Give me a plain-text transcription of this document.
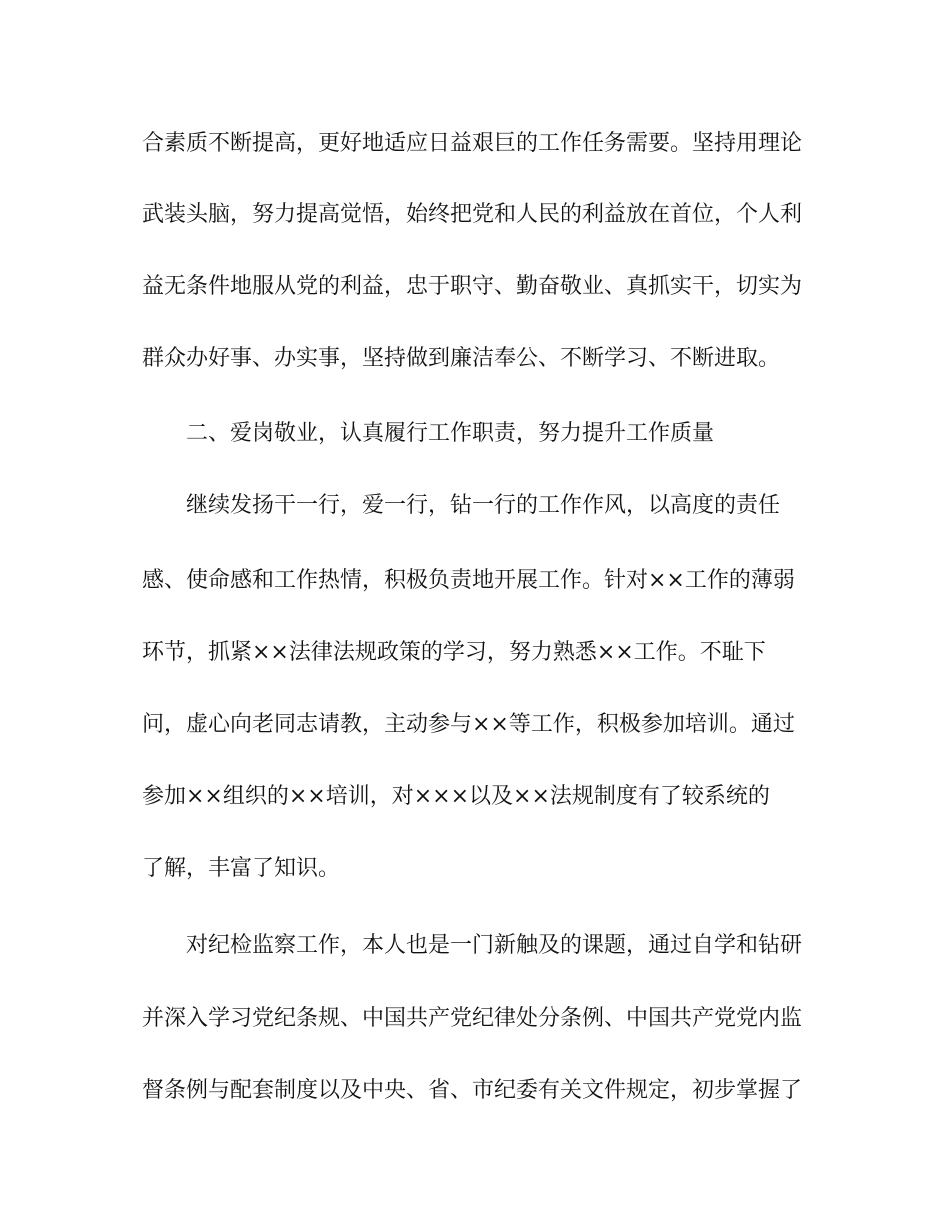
合素质不断提高，更好地适应日益艰巨的工作任务需要。坚持用理论
武装头脑，努力提高觉悟，始终把党和人民的利益放在首位，个人利
益无条件地服从党的利益，忠于职守、勤奋敬业、真抓实干，切实为
群众办好事、办实事，坚持做到廉洁奉公、不断学习、不断进取。
二、爱岗敬业，认真履行工作职责，努力提升工作质量
继续发扬干一行，爱一行，钻一行的工作作风，以高度的责任
感、使命感和工作热情，积极负责地开展工作。针对××工作的薄弱
环节，抓紧××法律法规政策的学习，努力熟悉××工作。不耻下
问，虚心向老同志请教，主动参与××等工作，积极参加培训。通过
参加××组织的××培训，对×××以及××法规制度有了较系统的
了解，丰富了知识。
对纪检监察工作，本人也是一门新触及的课题，通过自学和钻研
并深入学习党纪条规、中国共产党纪律处分条例、中国共产党党内监
督条例与配套制度以及中央、省、市纪委有关文件规定，初步掌握了
